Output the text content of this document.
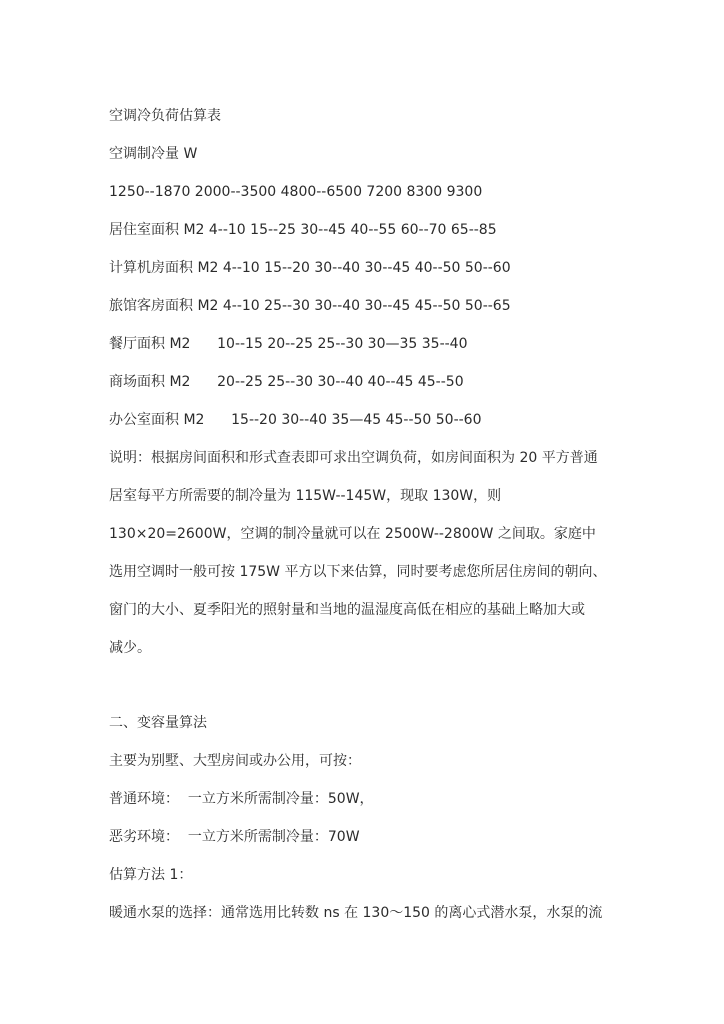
空调冷负荷估算表
空调制冷量 W
1250--1870 2000--3500 4800--6500 7200 8300 9300
居住室面积 M2 4--10 15--25 30--45 40--55 60--70 65--85
计算机房面积 M2 4--10 15--20 30--40 30--45 40--50 50--60
旅馆客房面积 M2 4--10 25--30 30--40 30--45 45--50 50--65
餐厅面积 M2      10--15 20--25 25--30 30—35 35--40
商场面积 M2      20--25 25--30 30--40 40--45 45--50
办公室面积 M2      15--20 30--40 35—45 45--50 50--60
说明：根据房间面积和形式查表即可求出空调负荷，如房间面积为 20 平方普通
居室每平方所需要的制冷量为 115W--145W，现取 130W，则
130×20=2600W，空调的制冷量就可以在 2500W--2800W 之间取。家庭中
选用空调时一般可按 175W 平方以下来估算，同时要考虑您所居住房间的朝向、
窗门的大小、夏季阳光的照射量和当地的温湿度高低在相应的基础上略加大或
减少。
二、变容量算法
主要为别墅、大型房间或办公用，可按：
普通环境：  一立方米所需制冷量：50W，
恶劣环境：  一立方米所需制冷量：70W
估算方法 1：
暖通水泵的选择：通常选用比转数 ns 在 130～150 的离心式潜水泵，水泵的流
